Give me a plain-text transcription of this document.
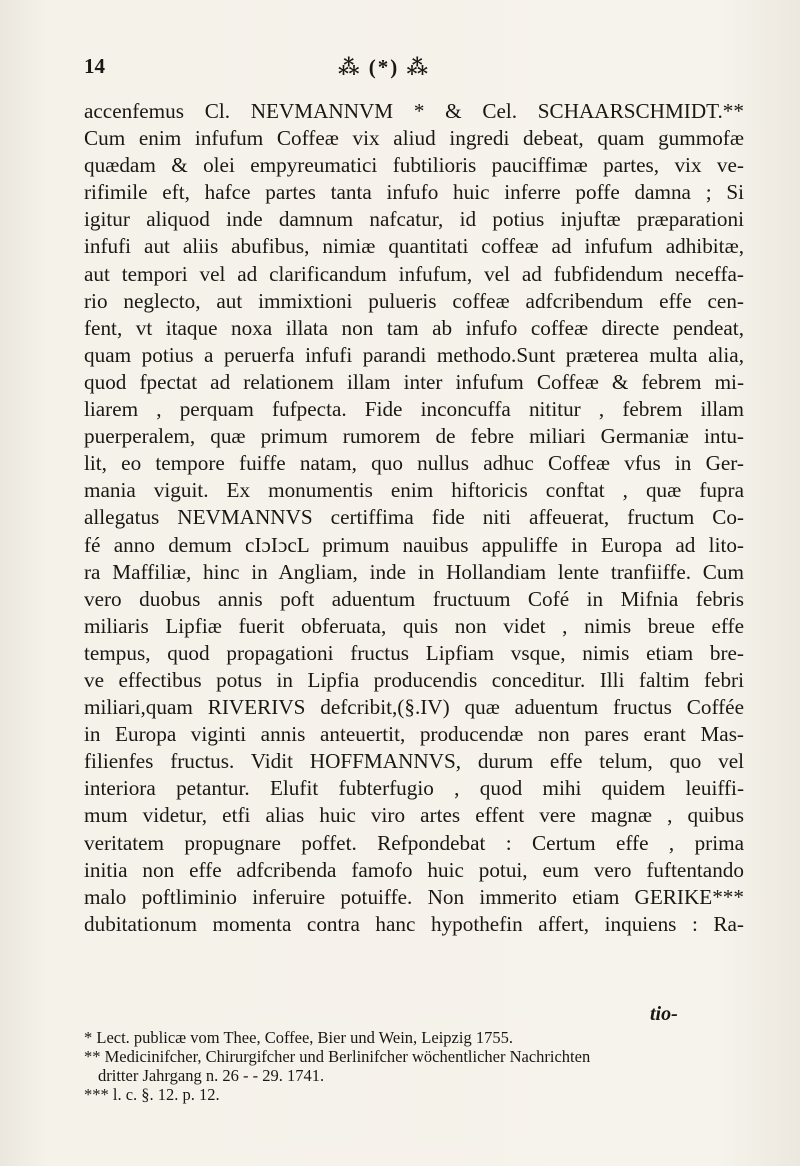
14	⁂ (*) ⁂
accenfemus Cl. NEVMANNVM * & Cel. SCHAARSCHMIDT.**
Cum enim infufum Coffeæ vix aliud ingredi debeat, quam gummofæ
quædam & olei empyreumatici fubtilioris pauciffimæ partes, vix ve-
rifimile eft, hafce partes tanta infufo huic inferre poffe damna ; Si
igitur aliquod inde damnum nafcatur, id potius injuftæ præparationi
infufi aut aliis abufibus, nimiæ quantitati coffeæ ad infufum adhibitæ,
aut tempori vel ad clarificandum infufum, vel ad fubfidendum neceffa-
rio neglecto, aut immixtioni pulueris coffeæ adfcribendum effe cen-
fent, vt itaque noxa illata non tam ab infufo coffeæ directe pendeat,
quam potius a peruerfa infufi parandi methodo.Sunt præterea multa alia,
quod fpectat ad relationem illam inter infufum Coffeæ & febrem mi-
liarem , perquam fufpecta. Fide inconcuffa nititur , febrem illam
puerperalem, quæ primum rumorem de febre miliari Germaniæ intu-
lit, eo tempore fuiffe natam, quo nullus adhuc Coffeæ vfus in Ger-
mania viguit. Ex monumentis enim hiftoricis conftat , quæ fupra
allegatus NEVMANNVS certiffima fide niti affeuerat, fructum Co-
fé anno demum cIɔIɔcL primum nauibus appuliffe in Europa ad lito-
ra Maffiliæ, hinc in Angliam, inde in Hollandiam lente tranfiiffe. Cum
vero duobus annis poft aduentum fructuum Cofé in Mifnia febris
miliaris Lipfiæ fuerit obferuata, quis non videt , nimis breue effe
tempus, quod propagationi fructus Lipfiam vsque, nimis etiam bre-
ve effectibus potus in Lipfia producendis conceditur. Illi faltim febri
miliari,quam RIVERIVS defcribit,(§.IV) quæ aduentum fructus Coffée
in Europa viginti annis anteuertit, producendæ non pares erant Mas-
filienfes fructus. Vidit HOFFMANNVS, durum effe telum, quo vel
interiora petantur. Elufit fubterfugio , quod mihi quidem leuiffi-
mum videtur, etfi alias huic viro artes effent vere magnæ , quibus
veritatem propugnare poffet. Refpondebat : Certum effe , prima
initia non effe adfcribenda famofo huic potui, eum vero fuftentando
malo poftliminio inferuire potuiffe. Non immerito etiam GERIKE***
dubitationum momenta contra hanc hypothefin affert, inquiens : Ra-
tio-
* Lect. publicæ vom Thee, Coffee, Bier und Wein, Leipzig 1755.
** Medicinifcher, Chirurgifcher und Berlinifcher wöchentlicher Nachrichten
dritter Jahrgang n. 26 - - 29. 1741.
*** l. c. §. 12. p. 12.
